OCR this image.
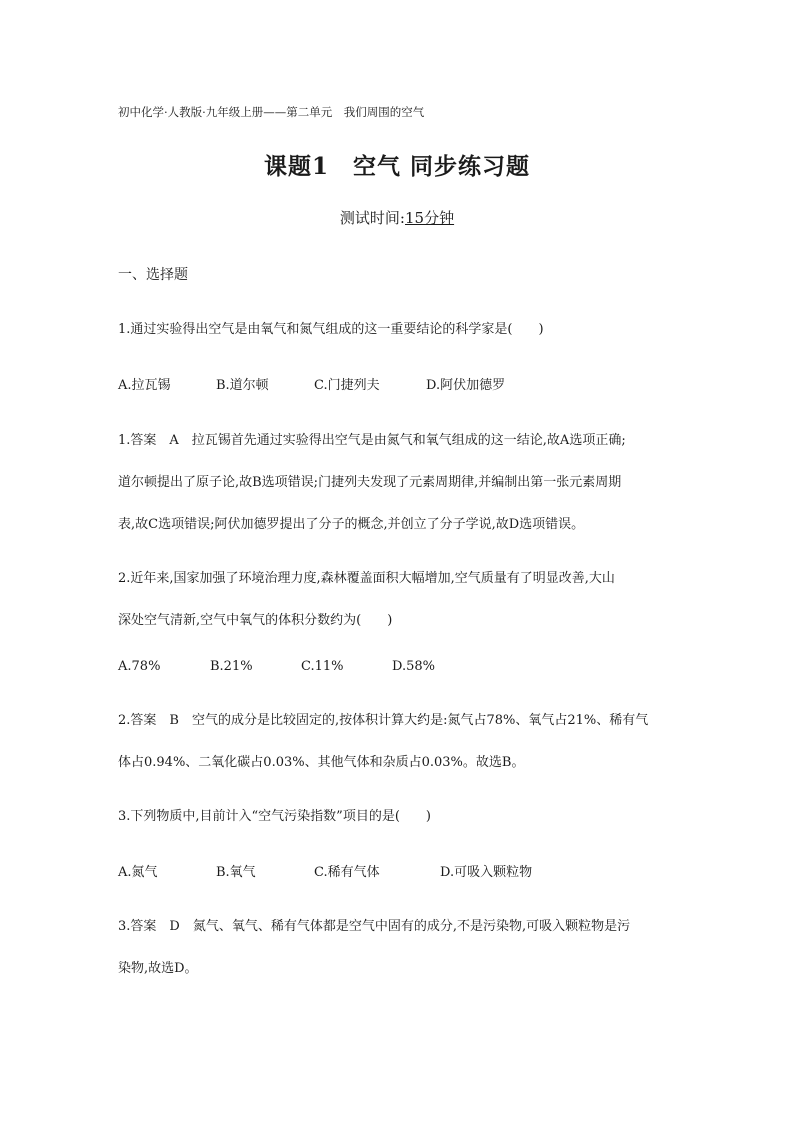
初中化学·人教版·九年级上册——第二单元　我们周围的空气
课题1　空气 同步练习题
测试时间:15分钟
一、选择题
1.通过实验得出空气是由氧气和氮气组成的这一重要结论的科学家是(　　)
A.拉瓦锡	B.道尔顿	C.门捷列夫	D.阿伏加德罗
1.答案　A　拉瓦锡首先通过实验得出空气是由氮气和氧气组成的这一结论,故A选项正确;
道尔顿提出了原子论,故B选项错误;门捷列夫发现了元素周期律,并编制出第一张元素周期
表,故C选项错误;阿伏加德罗提出了分子的概念,并创立了分子学说,故D选项错误。
2.近年来,国家加强了环境治理力度,森林覆盖面积大幅增加,空气质量有了明显改善,大山
深处空气清新,空气中氧气的体积分数约为(　　)
A.78%	B.21%	C.11%	D.58%
2.答案　B　空气的成分是比较固定的,按体积计算大约是:氮气占78%、氧气占21%、稀有气
体占0.94%、二氧化碳占0.03%、其他气体和杂质占0.03%。故选B。
3.下列物质中,目前计入“空气污染指数”项目的是(　　)
A.氮气	B.氧气	C.稀有气体	D.可吸入颗粒物
3.答案　D　氮气、氧气、稀有气体都是空气中固有的成分,不是污染物,可吸入颗粒物是污
染物,故选D。
